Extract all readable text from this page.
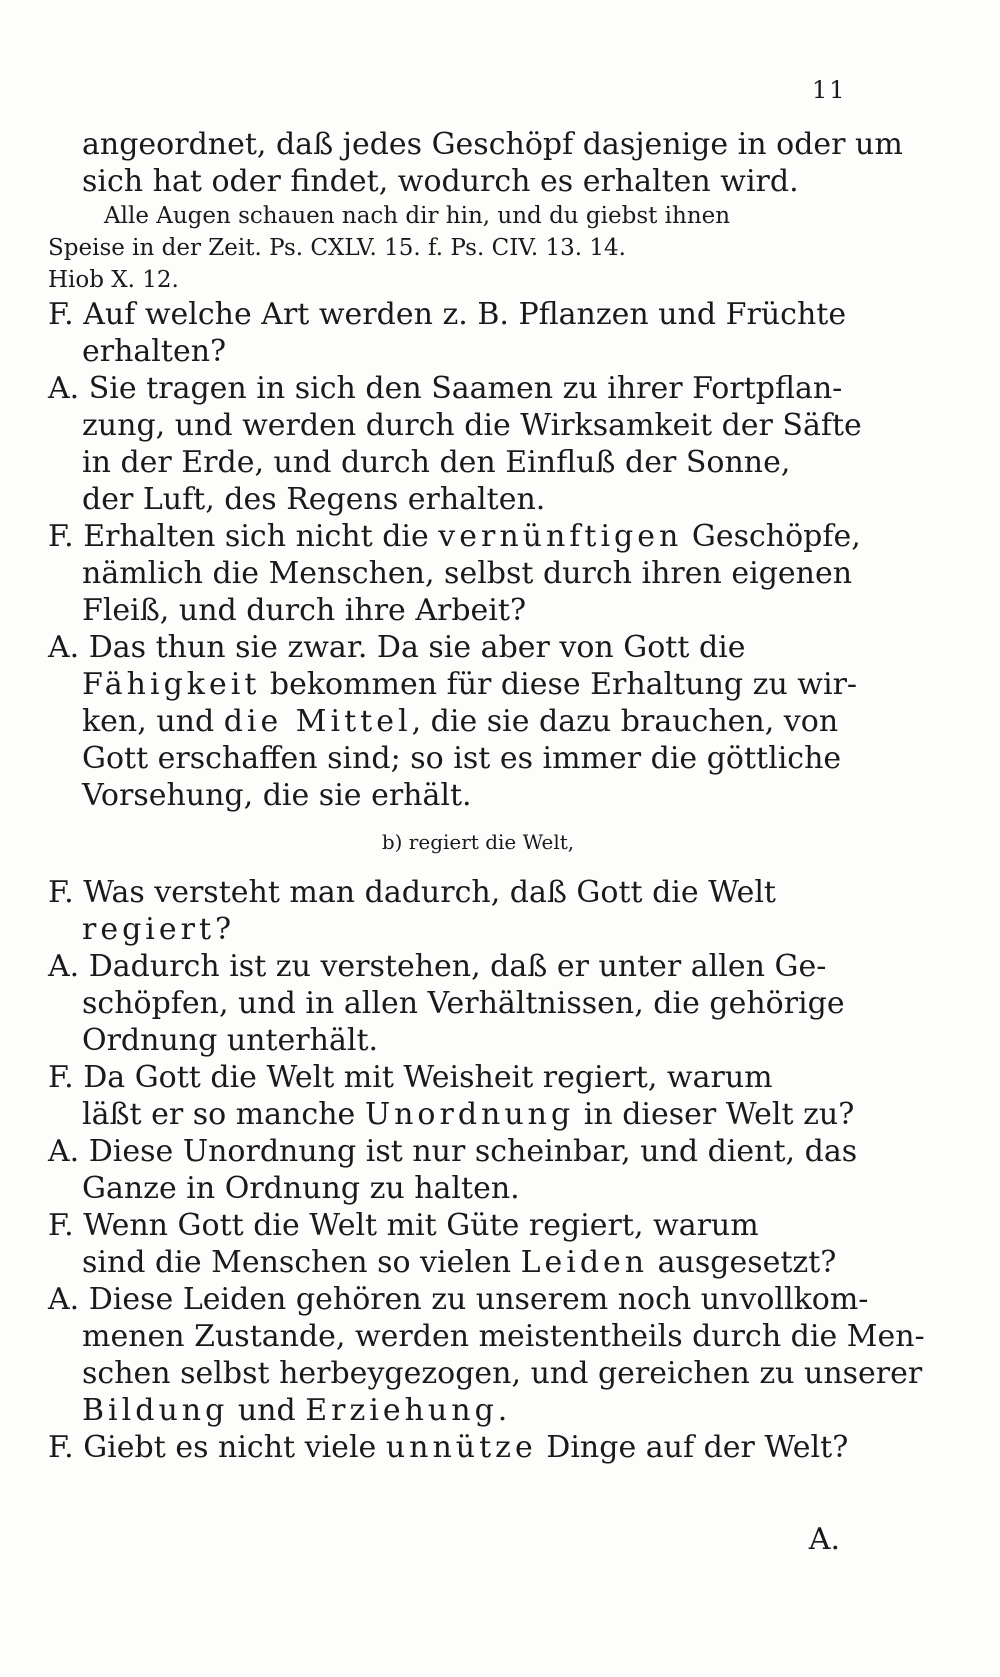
11
angeordnet, daß jedes Geschöpf dasjenige in oder um
sich hat oder findet, wodurch es erhalten wird.
Alle Augen schauen nach dir hin, und du giebst ihnen
Speise in der Zeit. Ps. CXLV. 15. f. Ps. CIV. 13. 14.
Hiob X. 12.
F. Auf welche Art werden z. B. Pflanzen und Früchte
erhalten?
A. Sie tragen in sich den Saamen zu ihrer Fortpflan-
zung, und werden durch die Wirksamkeit der Säfte
in der Erde, und durch den Einfluß der Sonne,
der Luft, des Regens erhalten.
F. Erhalten sich nicht die vernünftigen Geschöpfe,
nämlich die Menschen, selbst durch ihren eigenen
Fleiß, und durch ihre Arbeit?
A. Das thun sie zwar. Da sie aber von Gott die
Fähigkeit bekommen für diese Erhaltung zu wir-
ken, und die Mittel, die sie dazu brauchen, von
Gott erschaffen sind; so ist es immer die göttliche
Vorsehung, die sie erhält.
b) regiert die Welt,
F. Was versteht man dadurch, daß Gott die Welt
regiert?
A. Dadurch ist zu verstehen, daß er unter allen Ge-
schöpfen, und in allen Verhältnissen, die gehörige
Ordnung unterhält.
F. Da Gott die Welt mit Weisheit regiert, warum
läßt er so manche Unordnung in dieser Welt zu?
A. Diese Unordnung ist nur scheinbar, und dient, das
Ganze in Ordnung zu halten.
F. Wenn Gott die Welt mit Güte regiert, warum
sind die Menschen so vielen Leiden ausgesetzt?
A. Diese Leiden gehören zu unserem noch unvollkom-
menen Zustande, werden meistentheils durch die Men-
schen selbst herbeygezogen, und gereichen zu unserer
Bildung und Erziehung.
F. Giebt es nicht viele unnütze Dinge auf der Welt?
A.
